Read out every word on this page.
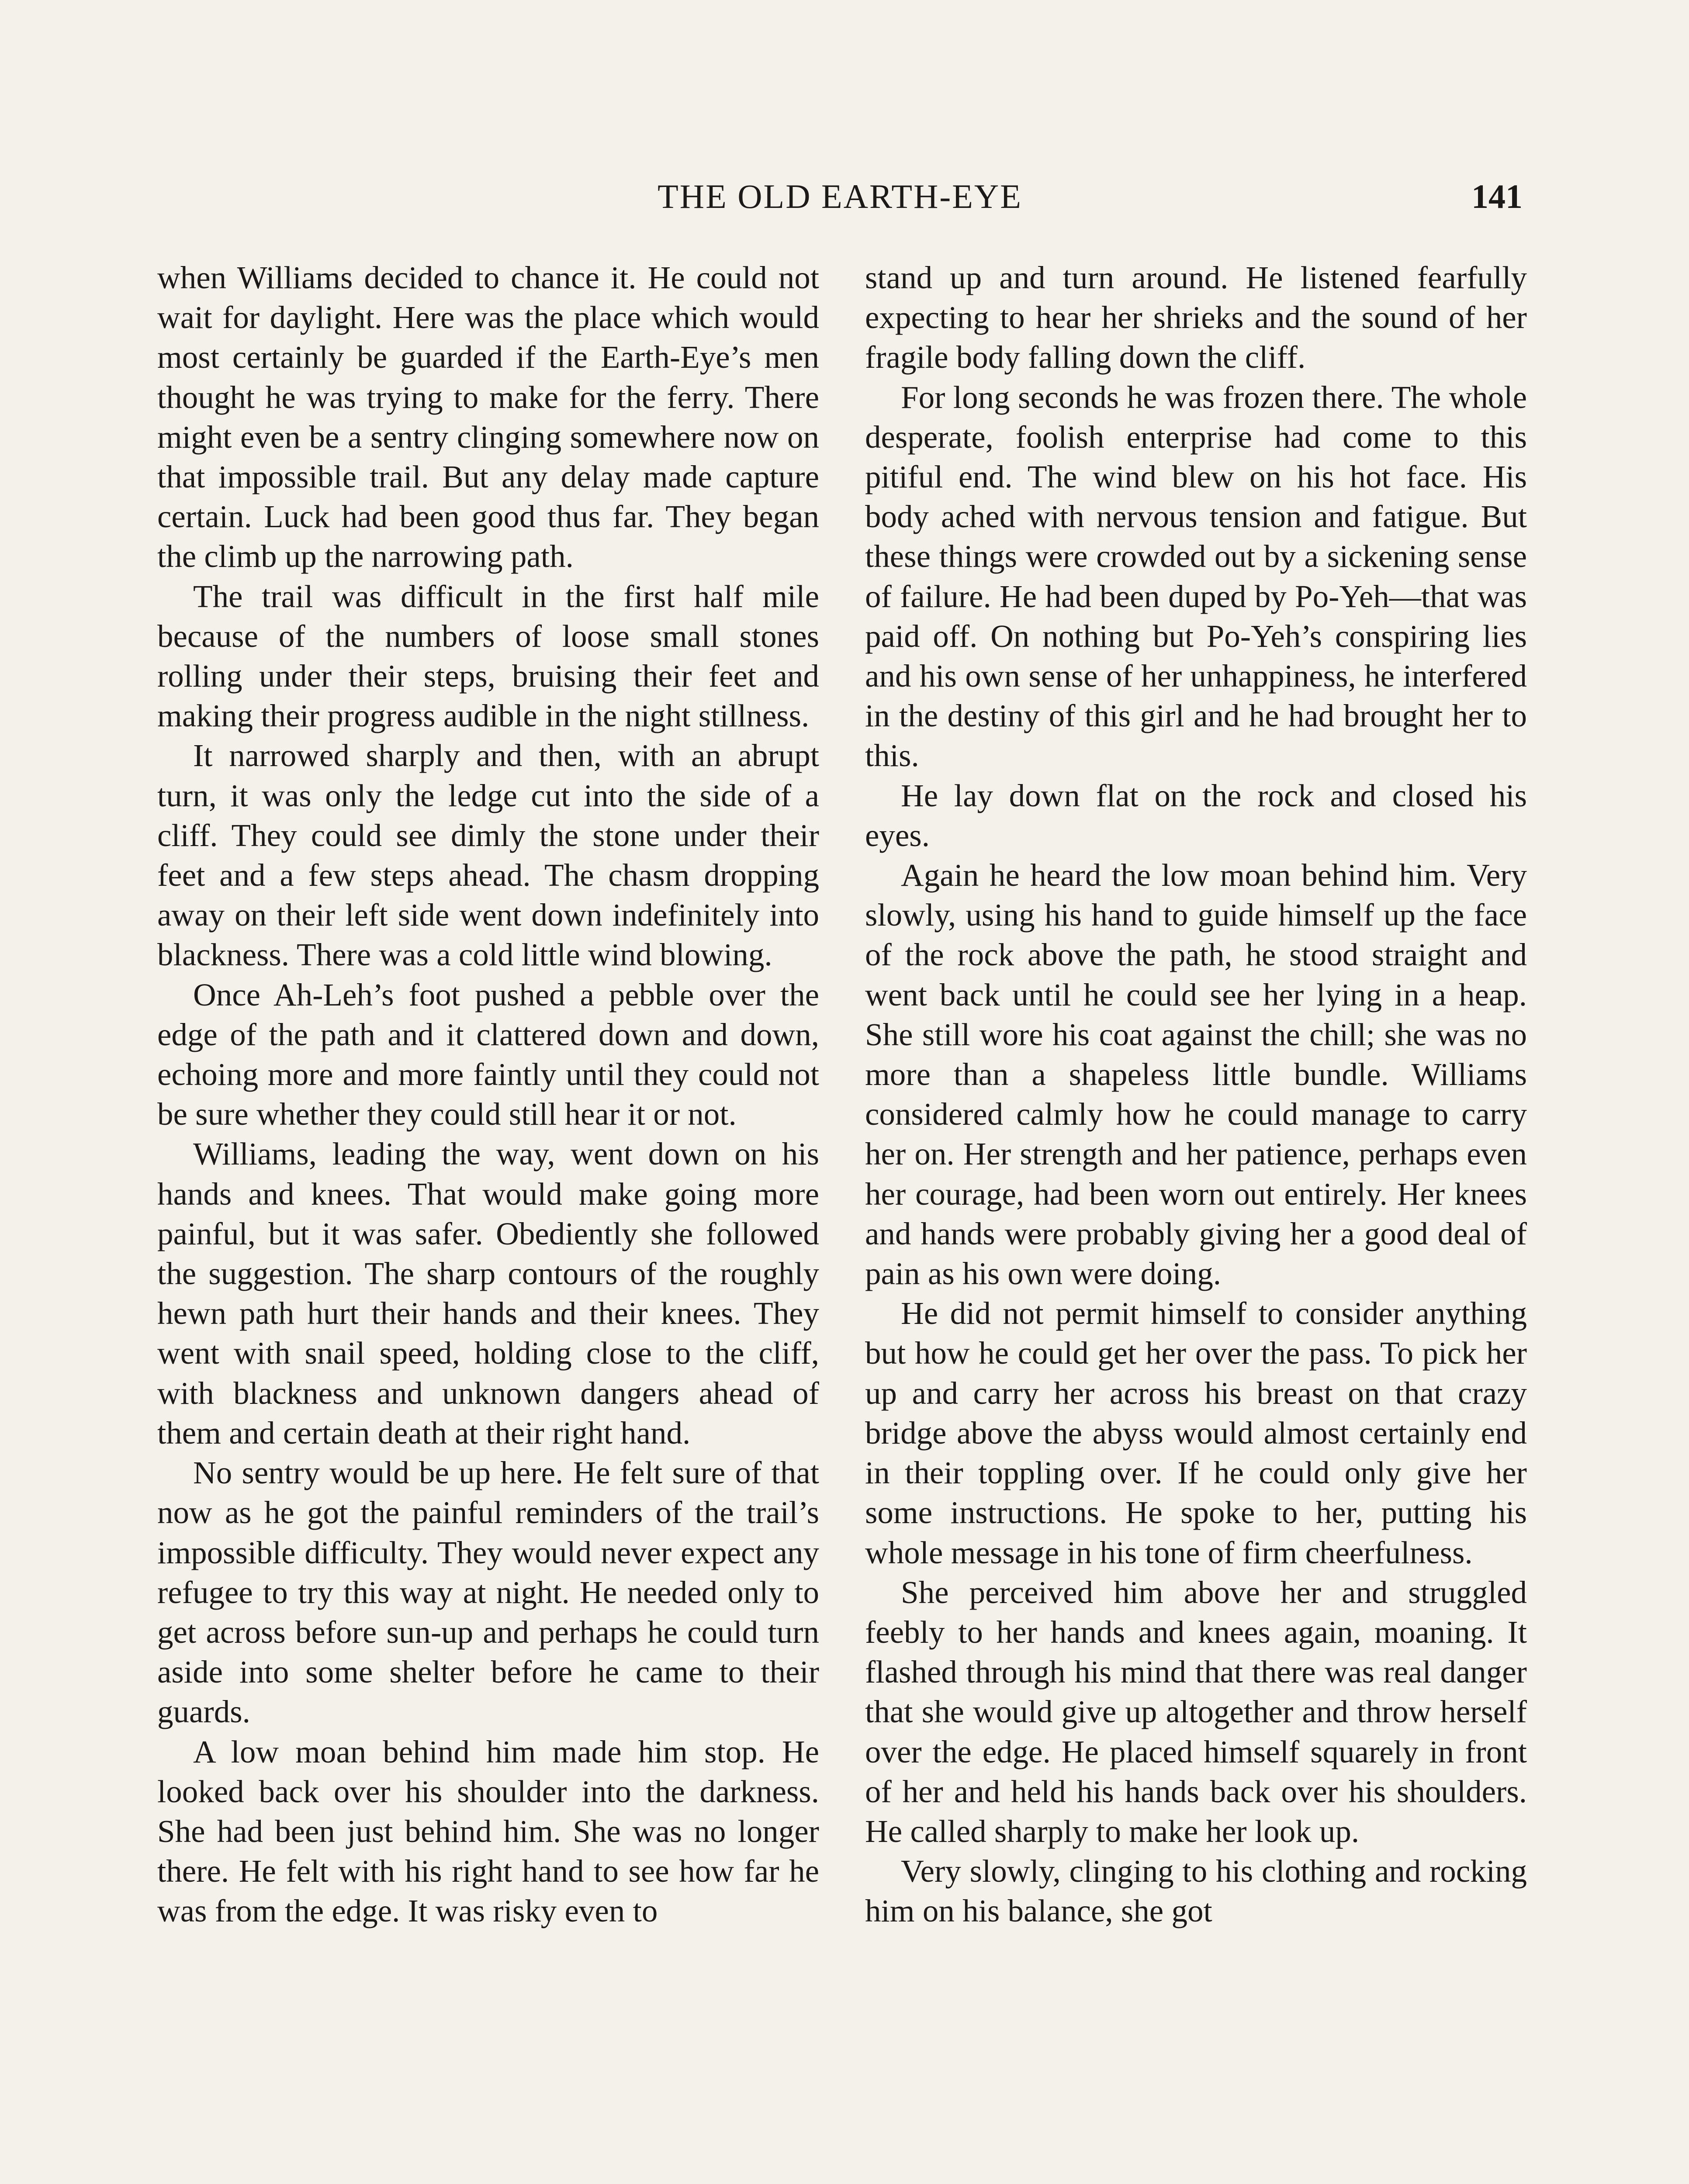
THE OLD EARTH-EYE	141

when Williams decided to chance it. He could not wait for daylight. Here was the place which would most certainly be guarded if the Earth-Eye’s men thought he was trying to make for the ferry. There might even be a sentry clinging somewhere now on that impossible trail. But any delay made capture certain. Luck had been good thus far. They began the climb up the narrowing path.

The trail was difficult in the first half mile because of the numbers of loose small stones rolling under their steps, bruising their feet and making their progress audible in the night stillness.

It narrowed sharply and then, with an abrupt turn, it was only the ledge cut into the side of a cliff. They could see dimly the stone under their feet and a few steps ahead. The chasm dropping away on their left side went down indefinitely into blackness. There was a cold little wind blowing.

Once Ah-Leh’s foot pushed a pebble over the edge of the path and it clattered down and down, echoing more and more faintly until they could not be sure whether they could still hear it or not.

Williams, leading the way, went down on his hands and knees. That would make going more painful, but it was safer. Obediently she followed the suggestion. The sharp contours of the roughly hewn path hurt their hands and their knees. They went with snail speed, holding close to the cliff, with blackness and unknown dangers ahead of them and certain death at their right hand.

No sentry would be up here. He felt sure of that now as he got the painful reminders of the trail’s impossible difficulty. They would never expect any refugee to try this way at night. He needed only to get across before sun-up and perhaps he could turn aside into some shelter before he came to their guards.

A low moan behind him made him stop. He looked back over his shoulder into the darkness. She had been just behind him. She was no longer there. He felt with his right hand to see how far he was from the edge. It was risky even to

stand up and turn around. He listened fearfully expecting to hear her shrieks and the sound of her fragile body falling down the cliff.

For long seconds he was frozen there. The whole desperate, foolish enterprise had come to this pitiful end. The wind blew on his hot face. His body ached with nervous tension and fatigue. But these things were crowded out by a sickening sense of failure. He had been duped by Po-Yeh—that was paid off. On nothing but Po-Yeh’s conspiring lies and his own sense of her unhappiness, he interfered in the destiny of this girl and he had brought her to this.

He lay down flat on the rock and closed his eyes.

Again he heard the low moan behind him. Very slowly, using his hand to guide himself up the face of the rock above the path, he stood straight and went back until he could see her lying in a heap. She still wore his coat against the chill; she was no more than a shapeless little bundle. Williams considered calmly how he could manage to carry her on. Her strength and her patience, perhaps even her courage, had been worn out entirely. Her knees and hands were probably giving her a good deal of pain as his own were doing.

He did not permit himself to consider anything but how he could get her over the pass. To pick her up and carry her across his breast on that crazy bridge above the abyss would almost certainly end in their toppling over. If he could only give her some instructions. He spoke to her, putting his whole message in his tone of firm cheerfulness.

She perceived him above her and struggled feebly to her hands and knees again, moaning. It flashed through his mind that there was real danger that she would give up altogether and throw herself over the edge. He placed himself squarely in front of her and held his hands back over his shoulders. He called sharply to make her look up.

Very slowly, clinging to his clothing and rocking him on his balance, she got
